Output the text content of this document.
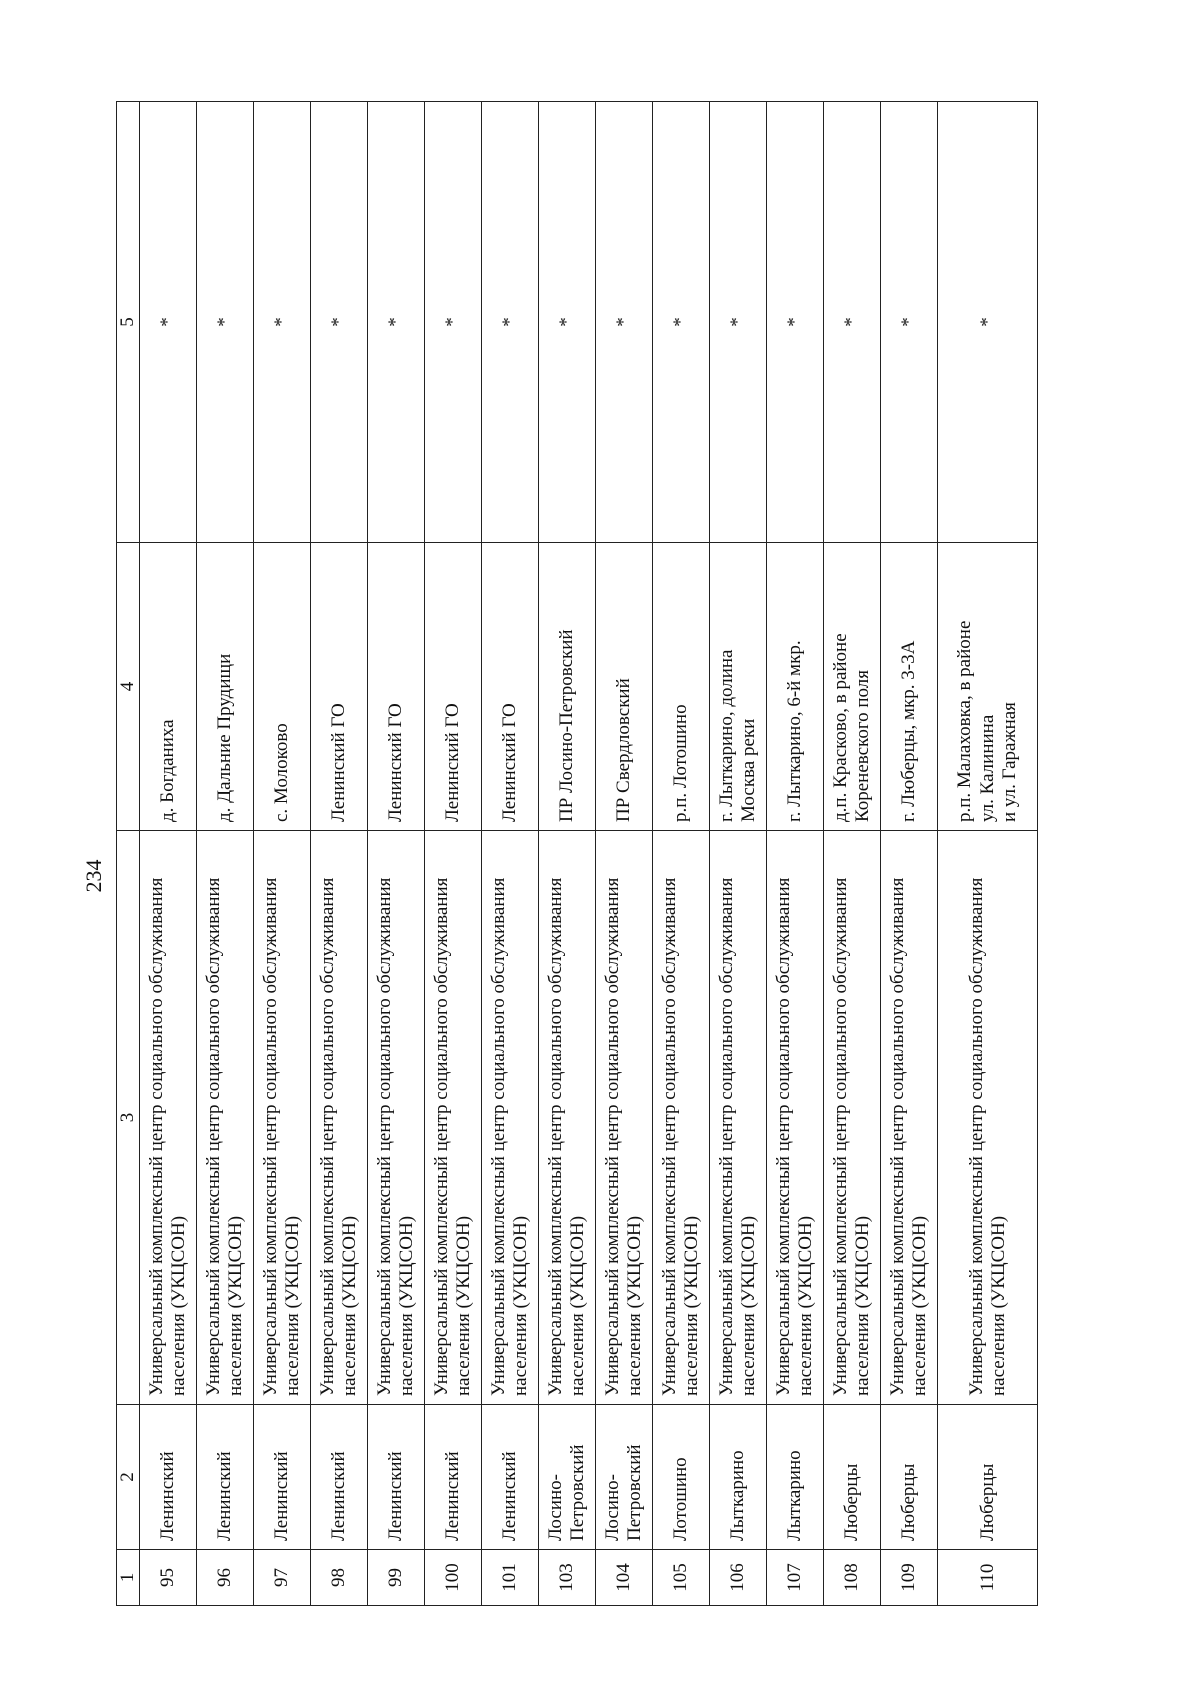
234
1	2	3	4	5
95	Ленинский	Универсальный комплексный центр социального обслуживания населения (УКЦСОН)	д. Богданиха	*
96	Ленинский	Универсальный комплексный центр социального обслуживания населения (УКЦСОН)	д. Дальние Прудищи	*
97	Ленинский	Универсальный комплексный центр социального обслуживания населения (УКЦСОН)	с. Молоково	*
98	Ленинский	Универсальный комплексный центр социального обслуживания населения (УКЦСОН)	Ленинский ГО	*
99	Ленинский	Универсальный комплексный центр социального обслуживания населения (УКЦСОН)	Ленинский ГО	*
100	Ленинский	Универсальный комплексный центр социального обслуживания населения (УКЦСОН)	Ленинский ГО	*
101	Ленинский	Универсальный комплексный центр социального обслуживания населения (УКЦСОН)	Ленинский ГО	*
103	Лосино-
Петровский	Универсальный комплексный центр социального обслуживания населения (УКЦСОН)	ПР Лосино-Петровский	*
104	Лосино-
Петровский	Универсальный комплексный центр социального обслуживания населения (УКЦСОН)	ПР Свердловский	*
105	Лотошино	Универсальный комплексный центр социального обслуживания населения (УКЦСОН)	р.п. Лотошино	*
106	Лыткарино	Универсальный комплексный центр социального обслуживания населения (УКЦСОН)	г. Лыткарино, долина
Москва реки	*
107	Лыткарино	Универсальный комплексный центр социального обслуживания населения (УКЦСОН)	г. Лыткарино, 6-й мкр.	*
108	Люберцы	Универсальный комплексный центр социального обслуживания населения (УКЦСОН)	д.п. Красково, в районе
Кореневского поля	*
109	Люберцы	Универсальный комплексный центр социального обслуживания населения (УКЦСОН)	г. Люберцы, мкр. 3-3А	*
110	Люберцы	Универсальный комплексный центр социального обслуживания населения (УКЦСОН)	р.п. Малаховка, в районе
ул. Калинина
и ул. Гаражная	*
